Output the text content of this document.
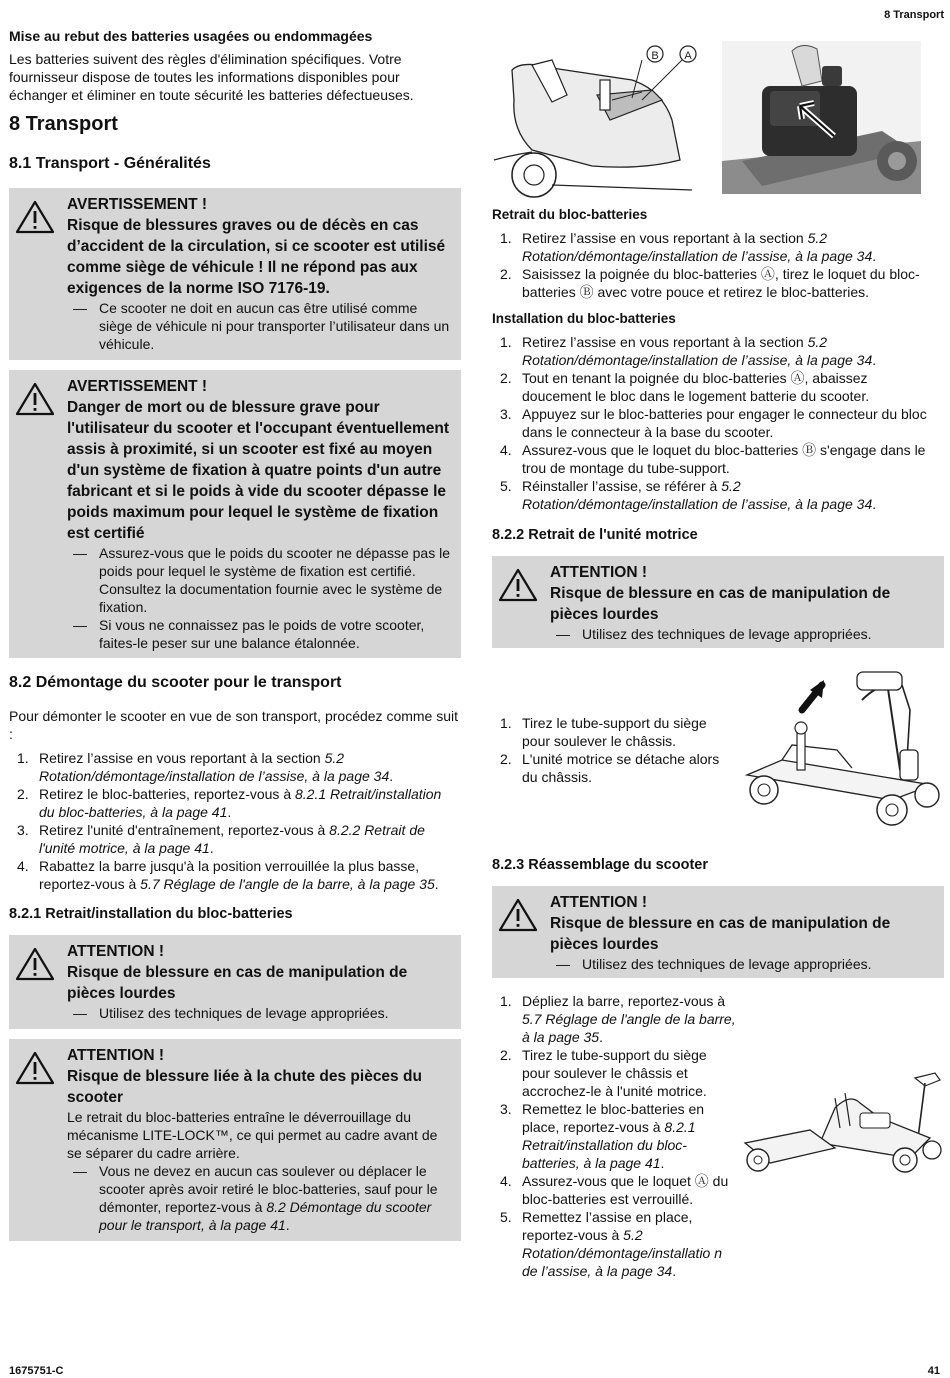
8 Transport
1675751-C	41
Mise au rebut des batteries usagées ou endommagées

Les batteries suivent des règles d'élimination spécifiques. Votre fournisseur dispose de toutes les informations disponibles pour échanger et éliminer en toute sécurité les batteries défectueuses.

8 Transport
8.1 Transport - Généralités
AVERTISSEMENT !
Risque de blessures graves ou de décès en cas d’accident de la circulation, si ce scooter est utilisé comme siège de véhicule ! Il ne répond pas aux exigences de la norme ISO 7176-19.
— Ce scooter ne doit en aucun cas être utilisé comme siège de véhicule ni pour transporter l’utilisateur dans un véhicule.
AVERTISSEMENT !
Danger de mort ou de blessure grave pour l'utilisateur du scooter et l'occupant éventuellement assis à proximité, si un scooter est fixé au moyen d'un système de fixation à quatre points d'un autre fabricant et si le poids à vide du scooter dépasse le poids maximum pour lequel le système de fixation est certifié
— Assurez-vous que le poids du scooter ne dépasse pas le poids pour lequel le système de fixation est certifié. Consultez la documentation fournie avec le système de fixation.
— Si vous ne connaissez pas le poids de votre scooter, faites-le peser sur une balance étalonnée.
8.2 Démontage du scooter pour le transport

Pour démonter le scooter en vue de son transport, procédez comme suit :

1. Retirez l’assise en vous reportant à la section 5.2 Rotation/démontage/installation de l’assise, à la page 34.
2. Retirez le bloc-batteries, reportez-vous à 8.2.1 Retrait/installation du bloc-batteries, à la page 41.
3. Retirez l'unité d'entraînement, reportez-vous à 8.2.2 Retrait de l'unité motrice, à la page 41.
4. Rabattez la barre jusqu'à la position verrouillée la plus basse, reportez-vous à 5.7 Réglage de l'angle de la barre, à la page 35.
8.2.1 Retrait/installation du bloc-batteries
ATTENTION !
Risque de blessure en cas de manipulation de pièces lourdes
— Utilisez des techniques de levage appropriées.
ATTENTION !
Risque de blessure liée à la chute des pièces du scooter

Le retrait du bloc-batteries entraîne le déverrouillage du mécanisme LITE-LOCK™, ce qui permet au cadre avant de se séparer du cadre arrière.

— Vous ne devez en aucun cas soulever ou déplacer le scooter après avoir retiré le bloc-batteries, sauf pour le démonter, reportez-vous à 8.2 Démontage du scooter pour le transport, à la page 41.
B A
Retrait du bloc-batteries
1. Retirez l’assise en vous reportant à la section 5.2 Rotation/démontage/installation de l’assise, à la page 34.
2. Saisissez la poignée du bloc-batteries Ⓐ, tirez le loquet du bloc-batteries Ⓑ avec votre pouce et retirez le bloc-batteries.
Installation du bloc-batteries
1. Retirez l’assise en vous reportant à la section 5.2 Rotation/démontage/installation de l’assise, à la page 34.
2. Tout en tenant la poignée du bloc-batteries Ⓐ, abaissez doucement le bloc dans le logement batterie du scooter.
3. Appuyez sur le bloc-batteries pour engager le connecteur du bloc dans le connecteur à la base du scooter.
4. Assurez-vous que le loquet du bloc-batteries Ⓑ s'engage dans le trou de montage du tube-support.
5. Réinstaller l’assise, se référer à 5.2 Rotation/démontage/installation de l’assise, à la page 34.
8.2.2 Retrait de l'unité motrice
ATTENTION !
Risque de blessure en cas de manipulation de pièces lourdes
— Utilisez des techniques de levage appropriées.
1. Tirez le tube-support du siège pour soulever le châssis.
2. L'unité motrice se détache alors du châssis.
8.2.3 Réassemblage du scooter
ATTENTION !
Risque de blessure en cas de manipulation de pièces lourdes
— Utilisez des techniques de levage appropriées.
1. Dépliez la barre, reportez-vous à 5.7 Réglage de l'angle de la barre, à la page 35.
2. Tirez le tube-support du siège pour soulever le châssis et accrochez-le à l'unité motrice.
3. Remettez le bloc-batteries en place, reportez-vous à 8.2.1 Retrait/installation du bloc-batteries, à la page 41.
4. Assurez-vous que le loquet Ⓐ du bloc-batteries est verrouillé.
5. Remettez l’assise en place, reportez-vous à 5.2 Rotation/démontage/installatio n de l’assise, à la page 34.
